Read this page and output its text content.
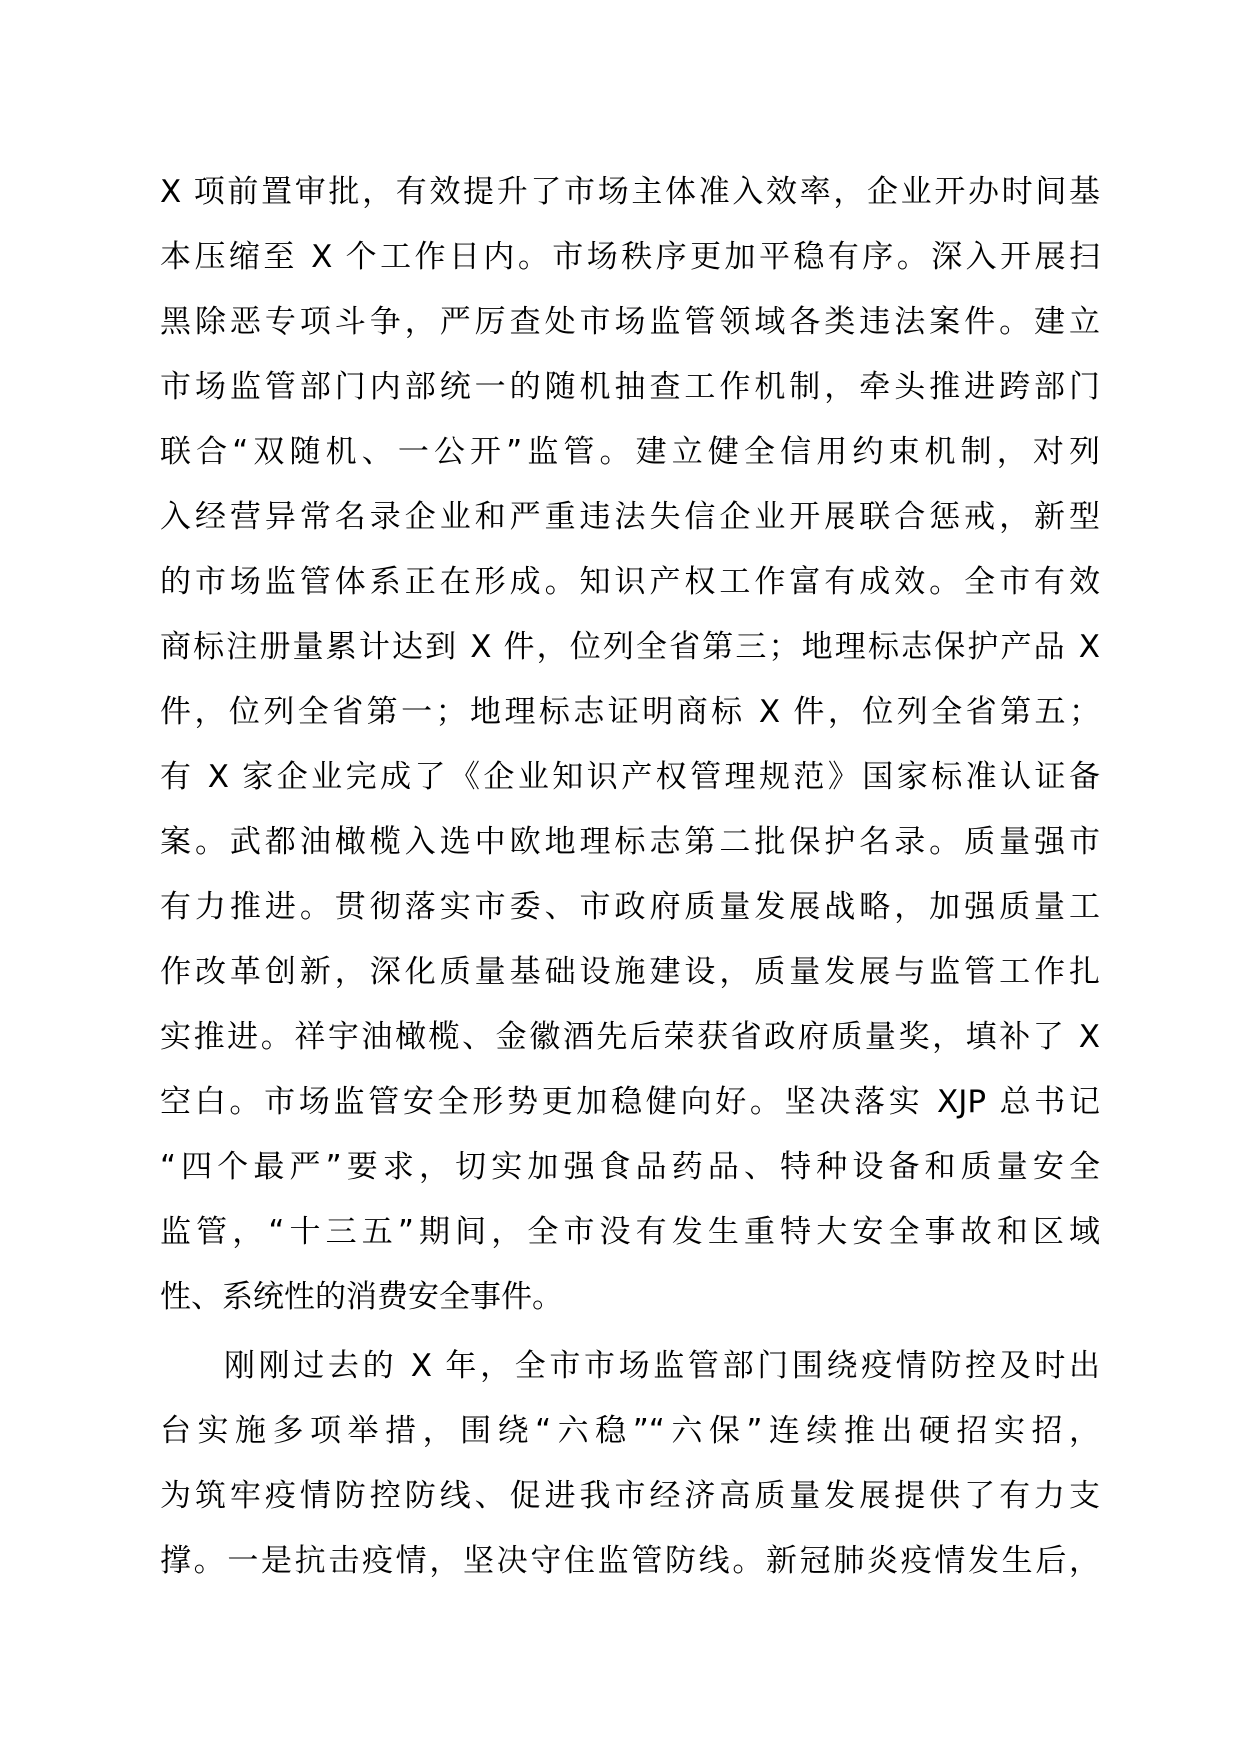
X 项前置审批，有效提升了市场主体准入效率，企业开办时间基
本压缩至 X 个工作日内。市场秩序更加平稳有序。深入开展扫
黑除恶专项斗争，严厉查处市场监管领域各类违法案件。建立
市场监管部门内部统一的随机抽查工作机制，牵头推进跨部门
联合“双随机、一公开”监管。建立健全信用约束机制，对列
入经营异常名录企业和严重违法失信企业开展联合惩戒，新型
的市场监管体系正在形成。知识产权工作富有成效。全市有效
商标注册量累计达到 X 件，位列全省第三；地理标志保护产品 X
件，位列全省第一；地理标志证明商标 X 件，位列全省第五；
有 X 家企业完成了《企业知识产权管理规范》国家标准认证备
案。武都油橄榄入选中欧地理标志第二批保护名录。质量强市
有力推进。贯彻落实市委、市政府质量发展战略，加强质量工
作改革创新，深化质量基础设施建设，质量发展与监管工作扎
实推进。祥宇油橄榄、金徽酒先后荣获省政府质量奖，填补了 X
空白。市场监管安全形势更加稳健向好。坚决落实 XJP 总书记
“四个最严”要求，切实加强食品药品、特种设备和质量安全
监管，“十三五”期间，全市没有发生重特大安全事故和区域
性、系统性的消费安全事件。
刚刚过去的 X 年，全市市场监管部门围绕疫情防控及时出
台实施多项举措，围绕“六稳”“六保”连续推出硬招实招，
为筑牢疫情防控防线、促进我市经济高质量发展提供了有力支
撑。一是抗击疫情，坚决守住监管防线。新冠肺炎疫情发生后，
